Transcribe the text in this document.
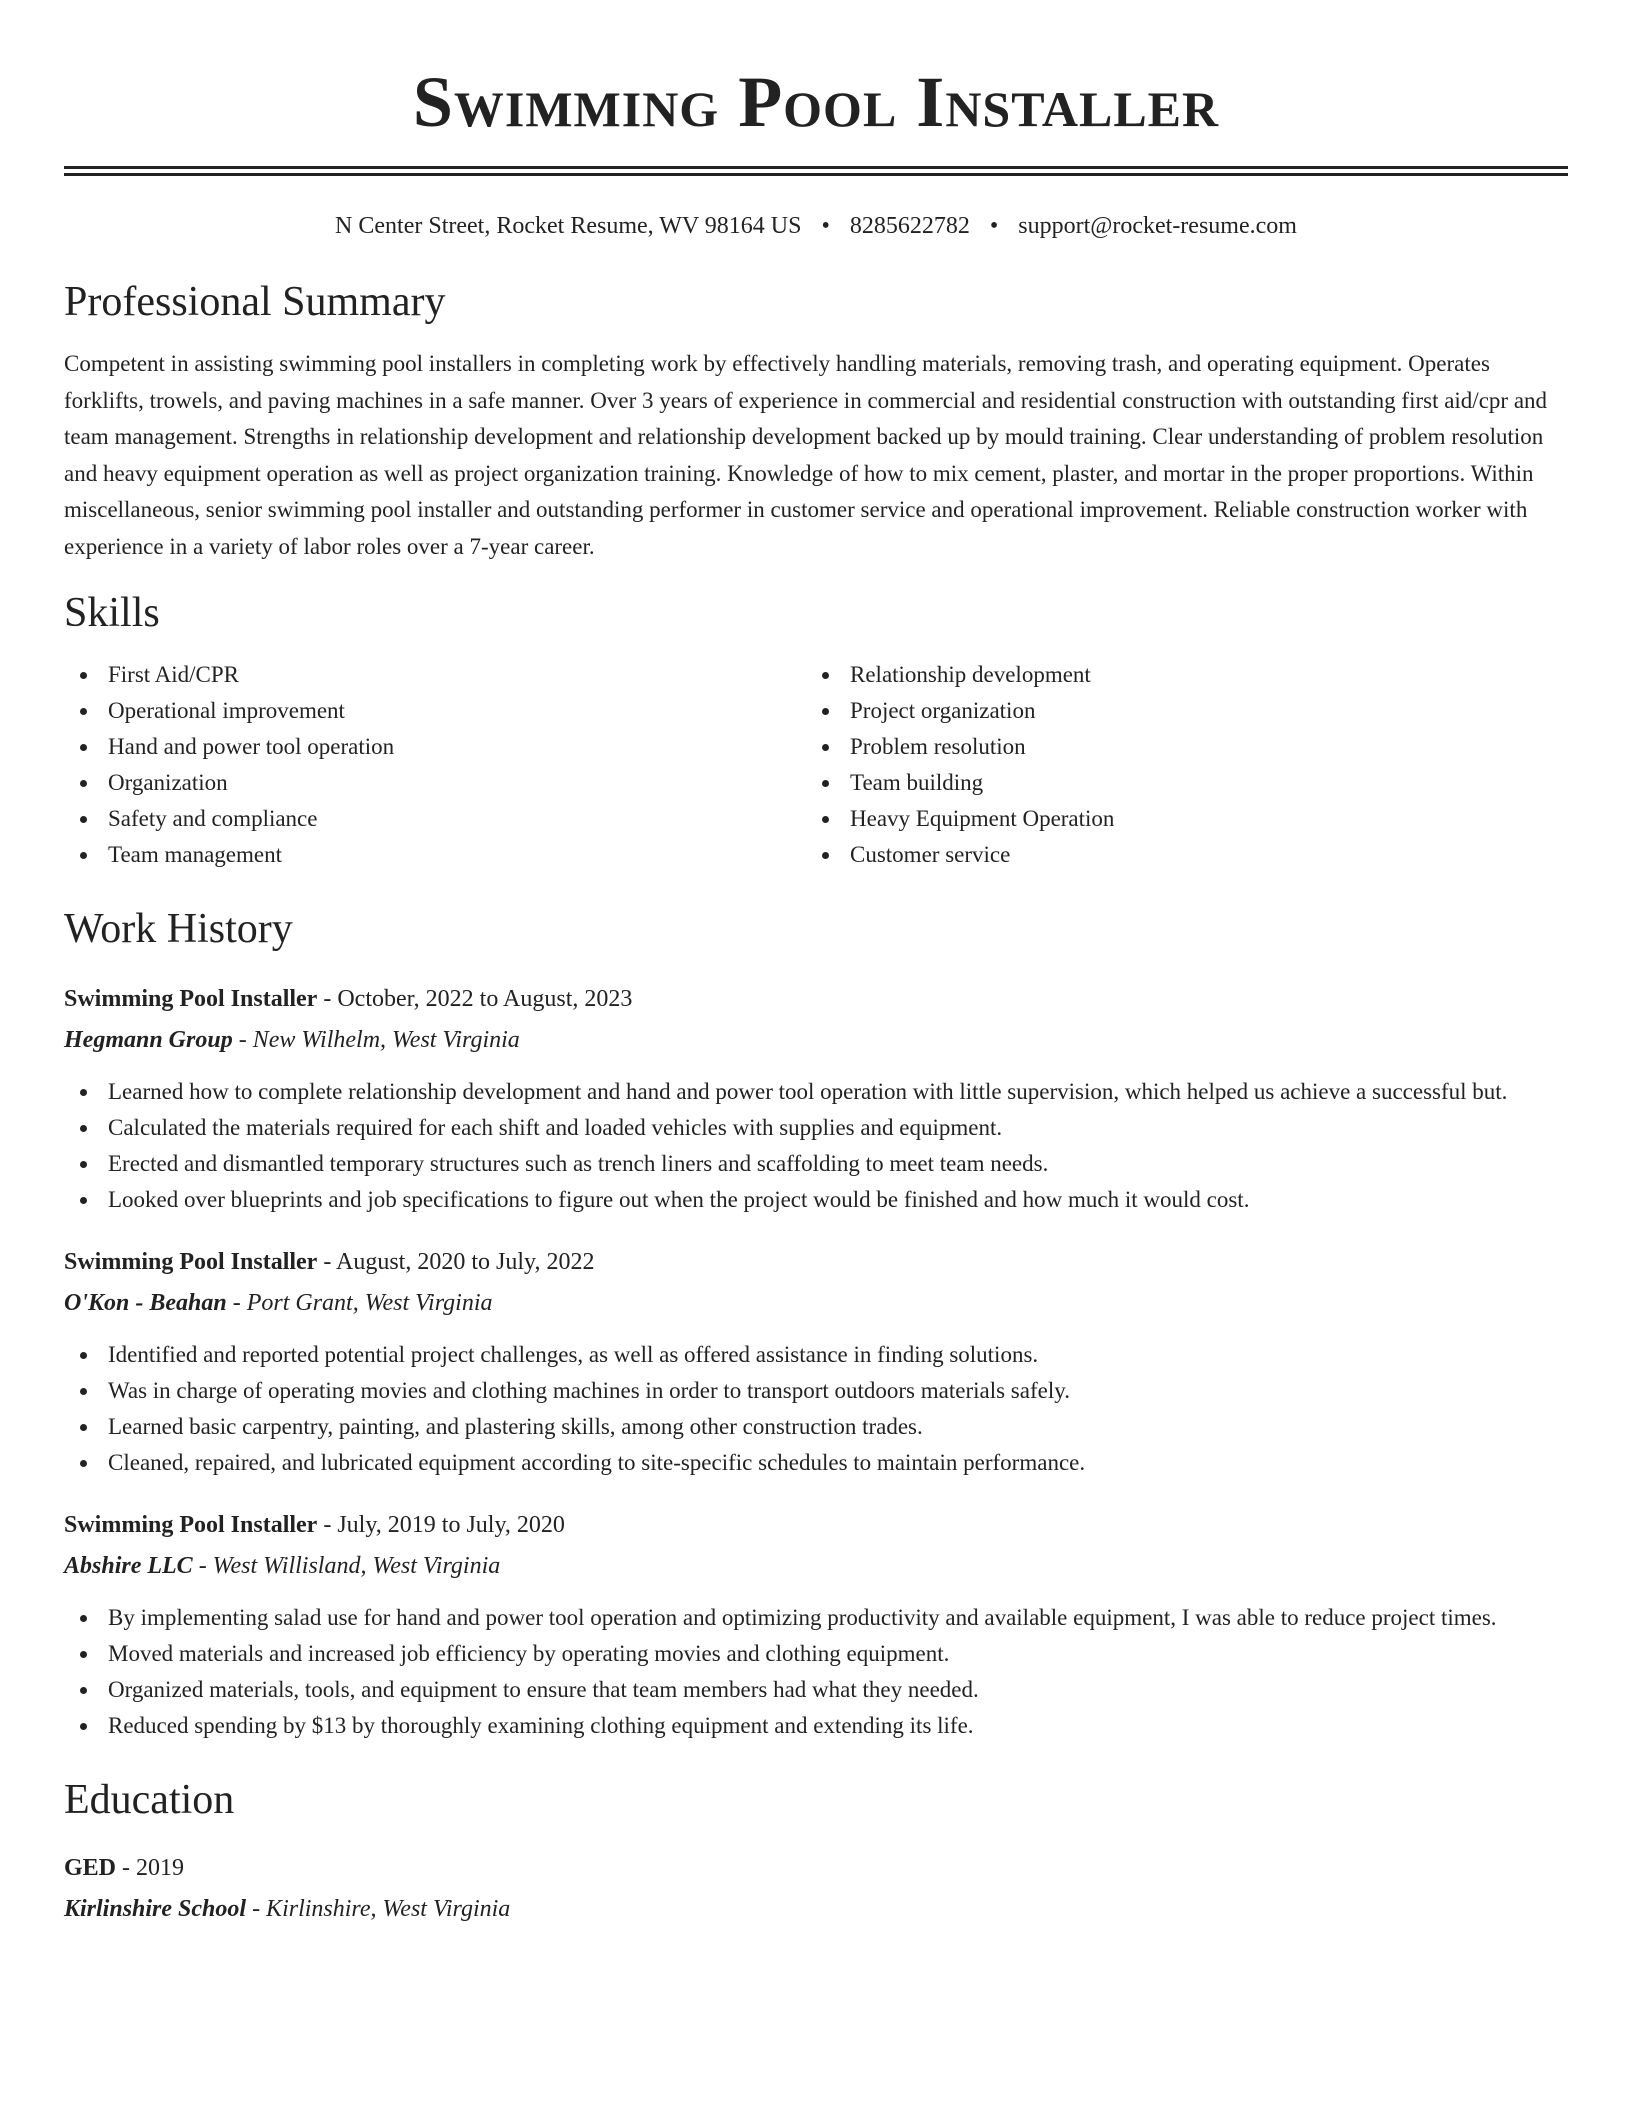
Swimming Pool Installer
N Center Street, Rocket Resume, WV 98164 US • 8285622782 • support@rocket-resume.com
Professional Summary
Competent in assisting swimming pool installers in completing work by effectively handling materials, removing trash, and operating equipment. Operates forklifts, trowels, and paving machines in a safe manner. Over 3 years of experience in commercial and residential construction with outstanding first aid/cpr and team management. Strengths in relationship development and relationship development backed up by mould training. Clear understanding of problem resolution and heavy equipment operation as well as project organization training. Knowledge of how to mix cement, plaster, and mortar in the proper proportions. Within miscellaneous, senior swimming pool installer and outstanding performer in customer service and operational improvement. Reliable construction worker with experience in a variety of labor roles over a 7-year career.
Skills
First Aid/CPR
Operational improvement
Hand and power tool operation
Organization
Safety and compliance
Team management
Relationship development
Project organization
Problem resolution
Team building
Heavy Equipment Operation
Customer service
Work History
Swimming Pool Installer - October, 2022 to August, 2023
Hegmann Group - New Wilhelm, West Virginia
Learned how to complete relationship development and hand and power tool operation with little supervision, which helped us achieve a successful but.
Calculated the materials required for each shift and loaded vehicles with supplies and equipment.
Erected and dismantled temporary structures such as trench liners and scaffolding to meet team needs.
Looked over blueprints and job specifications to figure out when the project would be finished and how much it would cost.
Swimming Pool Installer - August, 2020 to July, 2022
O'Kon - Beahan - Port Grant, West Virginia
Identified and reported potential project challenges, as well as offered assistance in finding solutions.
Was in charge of operating movies and clothing machines in order to transport outdoors materials safely.
Learned basic carpentry, painting, and plastering skills, among other construction trades.
Cleaned, repaired, and lubricated equipment according to site-specific schedules to maintain performance.
Swimming Pool Installer - July, 2019 to July, 2020
Abshire LLC - West Willisland, West Virginia
By implementing salad use for hand and power tool operation and optimizing productivity and available equipment, I was able to reduce project times.
Moved materials and increased job efficiency by operating movies and clothing equipment.
Organized materials, tools, and equipment to ensure that team members had what they needed.
Reduced spending by $13 by thoroughly examining clothing equipment and extending its life.
Education
GED - 2019
Kirlinshire School - Kirlinshire, West Virginia
